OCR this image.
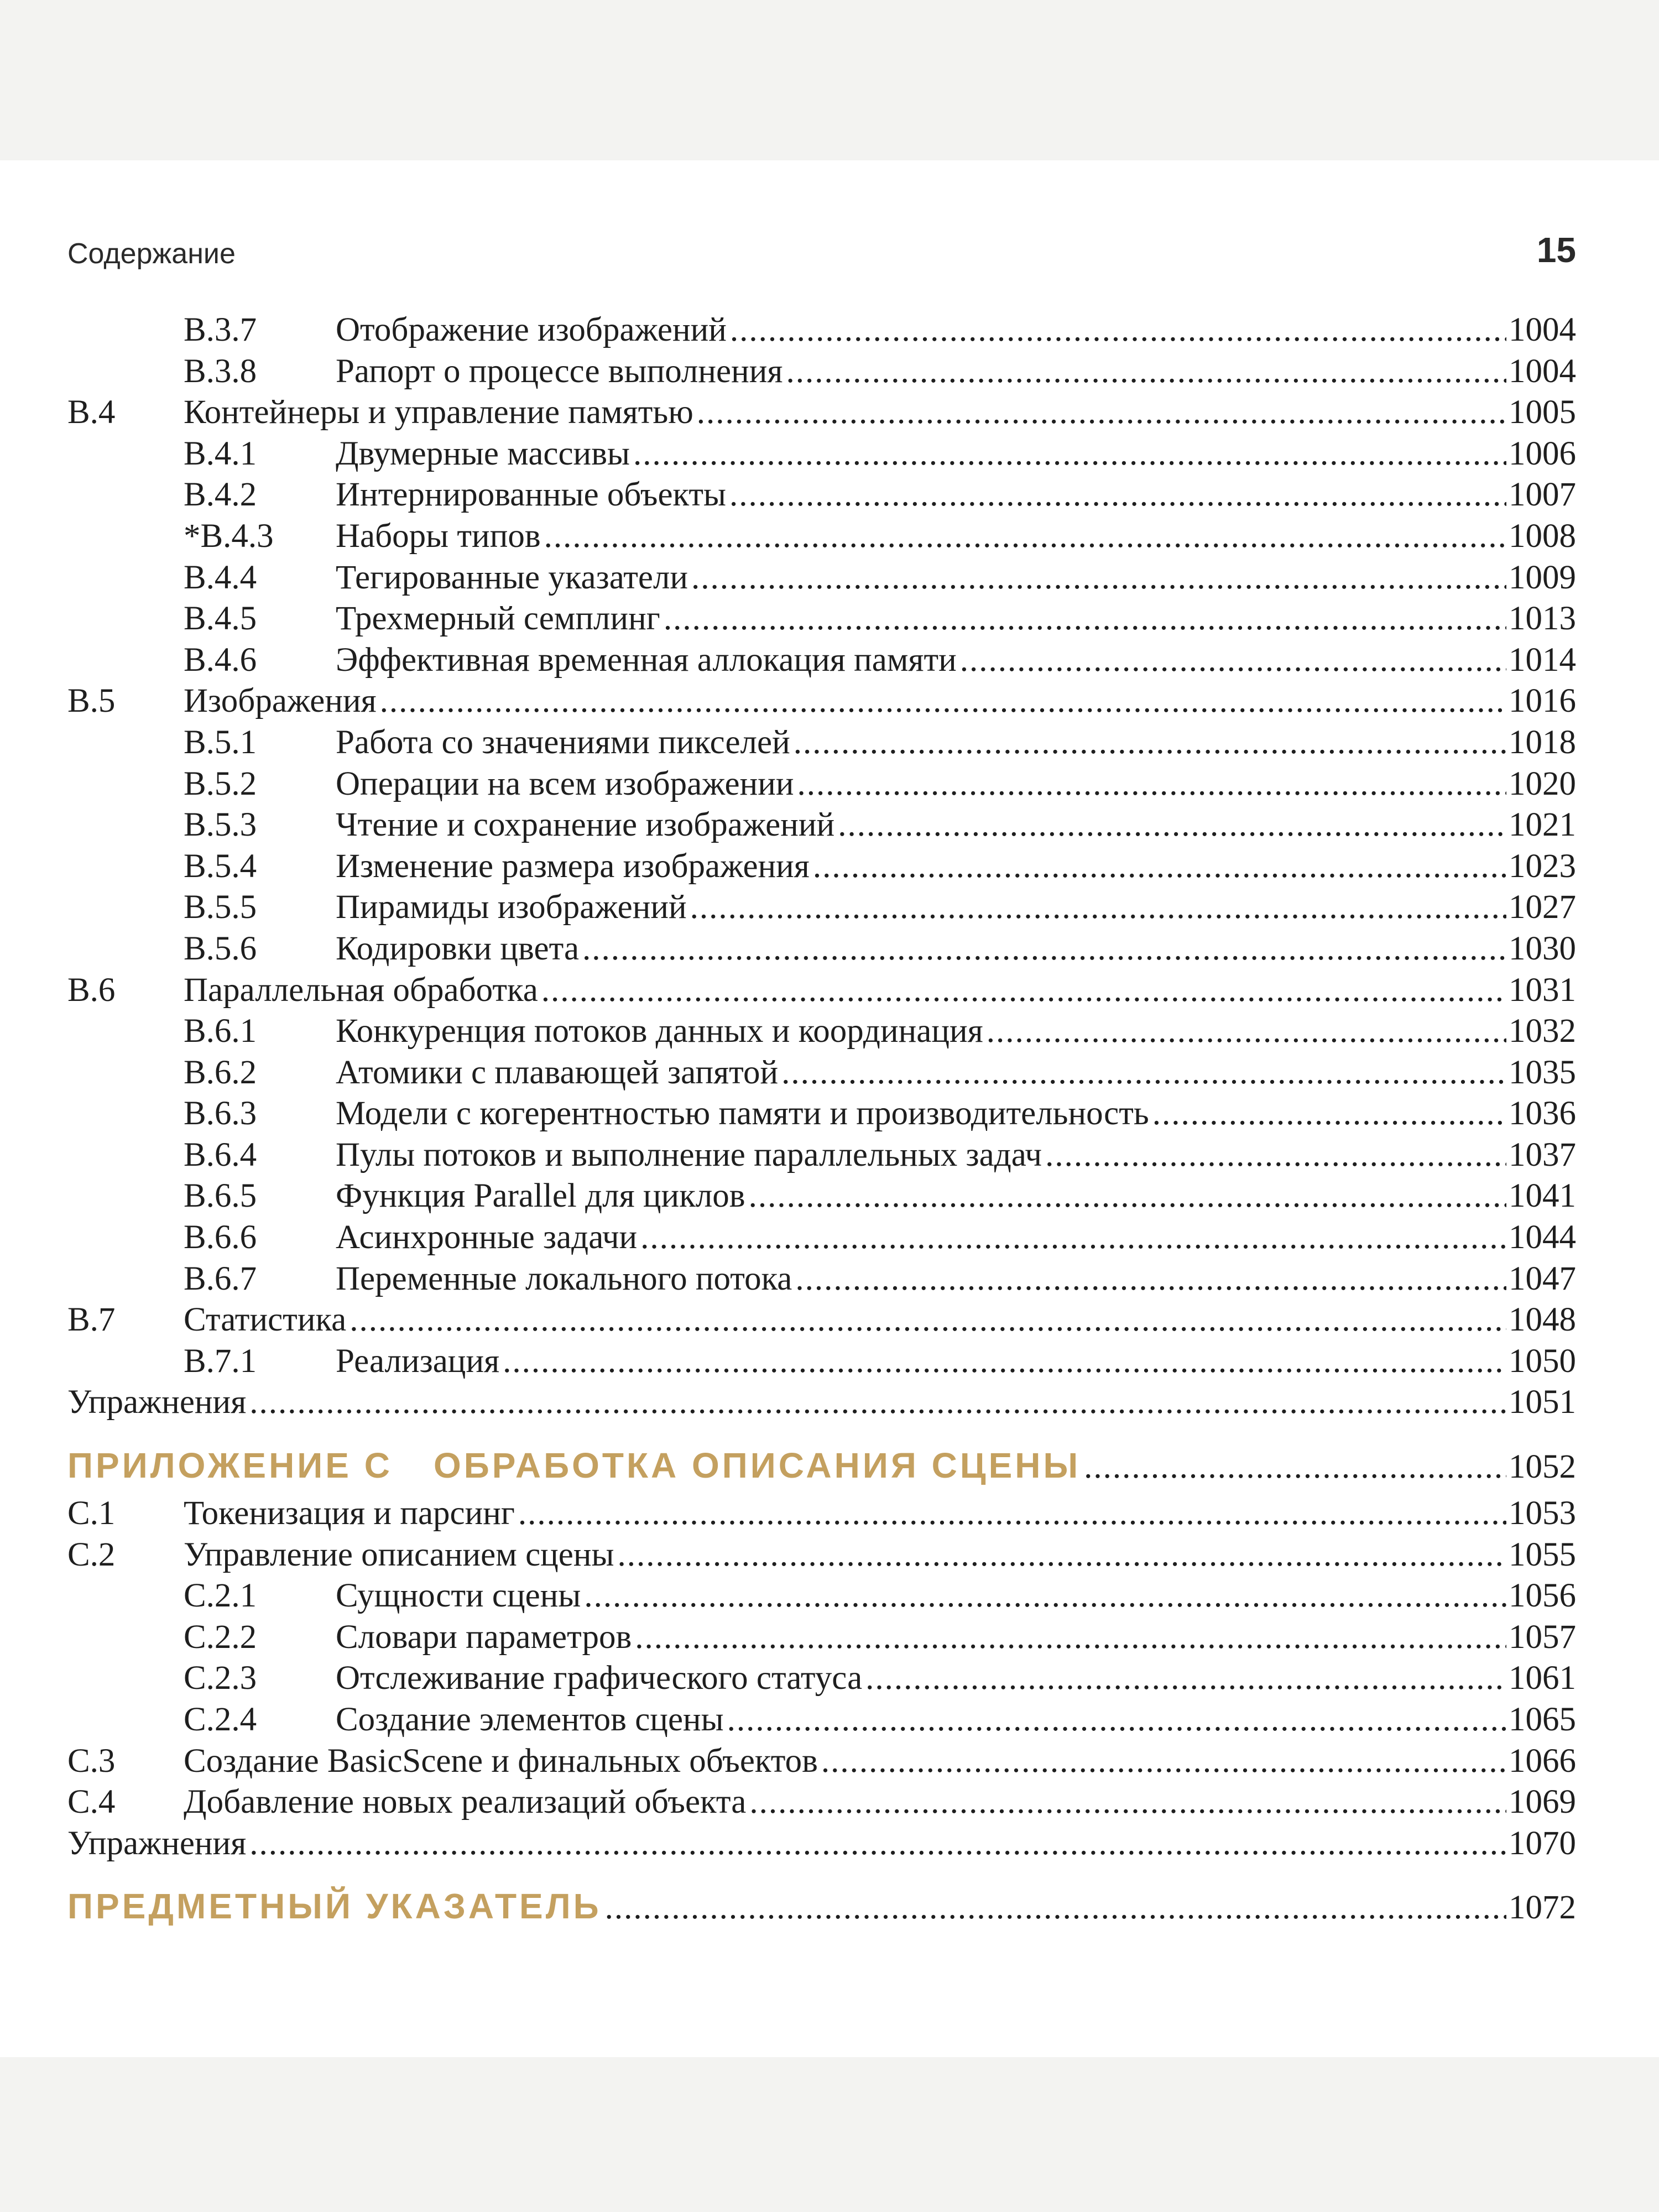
Содержание	15
B.3.7 Отображение изображений .....	1004
B.3.8 Рапорт о процессе выполнения .....	1004
B.4 Контейнеры и управление памятью .....	1005
B.4.1 Двумерные массивы .....	1006
B.4.2 Интернированные объекты .....	1007
*B.4.3 Наборы типов .....	1008
B.4.4 Тегированные указатели .....	1009
B.4.5 Трехмерный семплинг .....	1013
B.4.6 Эффективная временная аллокация памяти .....	1014
B.5 Изображения .....	1016
B.5.1 Работа со значениями пикселей .....	1018
B.5.2 Операции на всем изображении .....	1020
B.5.3 Чтение и сохранение изображений .....	1021
B.5.4 Изменение размера изображения .....	1023
B.5.5 Пирамиды изображений .....	1027
B.5.6 Кодировки цвета .....	1030
B.6 Параллельная обработка .....	1031
B.6.1 Конкуренция потоков данных и координация .....	1032
B.6.2 Атомики с плавающей запятой .....	1035
B.6.3 Модели с когерентностью памяти и производительность .....	1036
B.6.4 Пулы потоков и выполнение параллельных задач .....	1037
B.6.5 Функция Parallel для циклов .....	1041
B.6.6 Асинхронные задачи .....	1044
B.6.7 Переменные локального потока .....	1047
B.7 Статистика .....	1048
B.7.1 Реализация .....	1050
Упражнения .....	1051
ПРИЛОЖЕНИЕ C ОБРАБОТКА ОПИСАНИЯ СЦЕНЫ .....	1052
C.1 Токенизация и парсинг .....	1053
C.2 Управление описанием сцены .....	1055
C.2.1 Сущности сцены .....	1056
C.2.2 Словари параметров .....	1057
C.2.3 Отслеживание графического статуса .....	1061
C.2.4 Создание элементов сцены .....	1065
C.3 Создание BasicScene и финальных объектов .....	1066
C.4 Добавление новых реализаций объекта .....	1069
Упражнения .....	1070
ПРЕДМЕТНЫЙ УКАЗАТЕЛЬ .....	1072
